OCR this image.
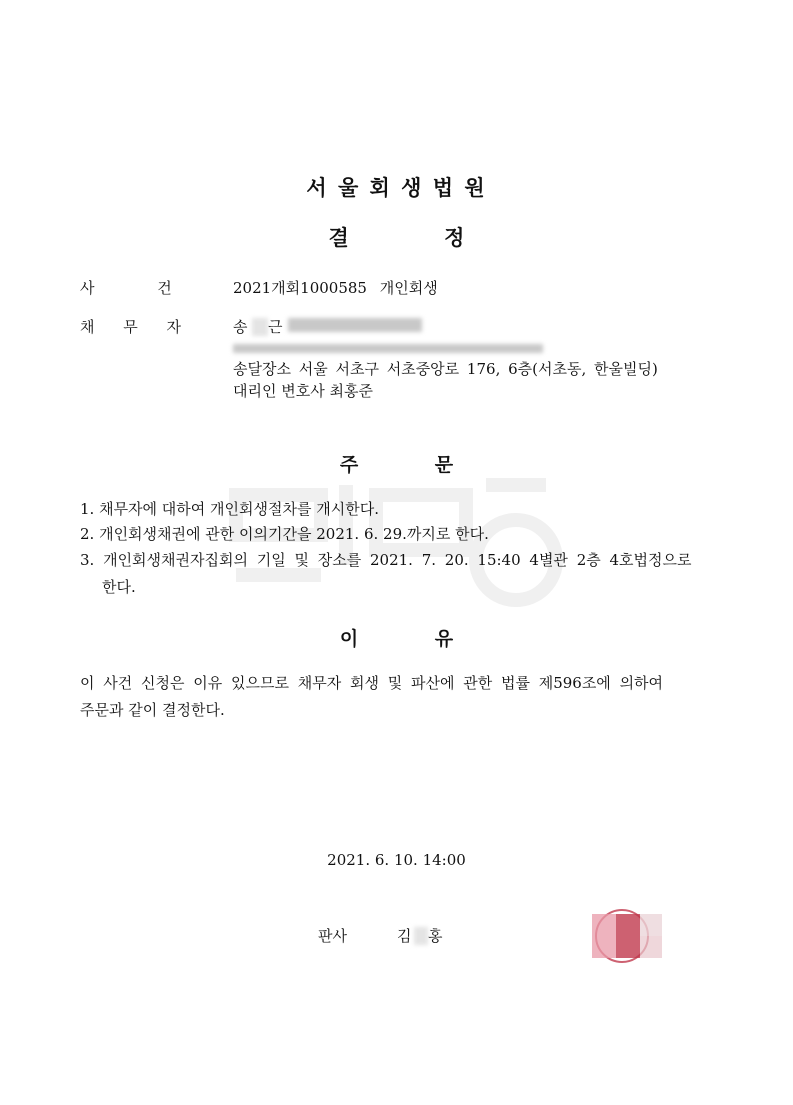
서 울 회 생 법 원
결 정
사 건	2021개회1000585 개인회생
채 무 자	송 근
송달장소 서울 서초구 서초중앙로 176, 6층(서초동, 한울빌딩)
대리인 변호사 최홍준
주 문
1. 채무자에 대하여 개인회생절차를 개시한다.
2. 개인회생채권에 관한 이의기간을 2021. 6. 29.까지로 한다.
3. 개인회생채권자집회의 기일 및 장소를 2021. 7. 20. 15:40 4별관 2층 4호법정으로
한다.
이 유
이 사건 신청은 이유 있으므로 채무자 회생 및 파산에 관한 법률 제596조에 의하여
주문과 같이 결정한다.
2021. 6. 10. 14:00
판사	김 홍
